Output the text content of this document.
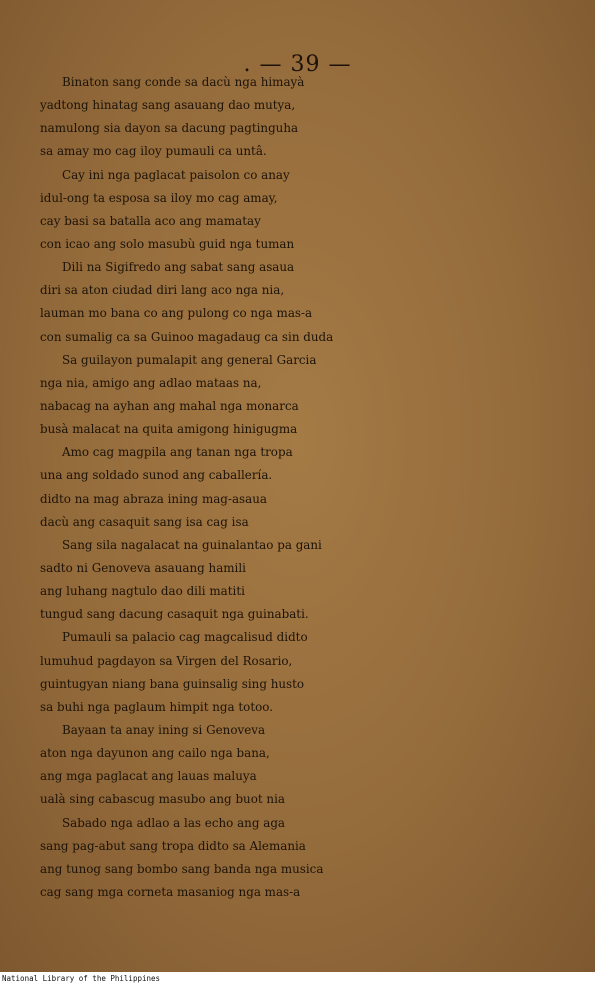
. — 39 —
Binaton sang conde sa dacù nga himayà
yadtong hinatag sang asauang dao mutya,
namulong sia dayon sa dacung pagtinguha
sa amay mo cag iloy pumauli ca untâ.
Cay ini nga paglacat paisolon co anay
idul-ong ta esposa sa iloy mo cag amay,
cay basi sa batalla aco ang mamatay
con icao ang solo masubù guid nga tuman
Dili na Sigifredo ang sabat sang asaua
diri sa aton ciudad diri lang aco nga nia,
lauman mo bana co ang pulong co nga mas-a
con sumalig ca sa Guinoo magadaug ca sin duda
Sa guilayon pumalapit ang general Garcia
nga nia, amigo ang adlao mataas na,
nabacag na ayhan ang mahal nga monarca
busà malacat na quita amigong hinigugma
Amo cag magpila ang tanan nga tropa
una ang soldado sunod ang caballería.
didto na mag abraza ining mag-asaua
dacù ang casaquit sang isa cag isa
Sang sila nagalacat na guinalantao pa gani
sadto ni Genoveva asauang hamili
ang luhang nagtulo dao dili matiti
tungud sang dacung casaquit nga guinabati.
Pumauli sa palacio cag magcalisud didto
lumuhud pagdayon sa Virgen del Rosario,
guintugyan niang bana guinsalig sing husto
sa buhi nga paglaum himpit nga totoo.
Bayaan ta anay ining si Genoveva
aton nga dayunon ang cailo nga bana,
ang mga paglacat ang lauas maluya
ualà sing cabascug masubo ang buot nia
Sabado nga adlao a las echo ang aga
sang pag-abut sang tropa didto sa Alemania
ang tunog sang bombo sang banda nga musica
cag sang mga corneta masaniog nga mas-a
National Library of the Philippines
